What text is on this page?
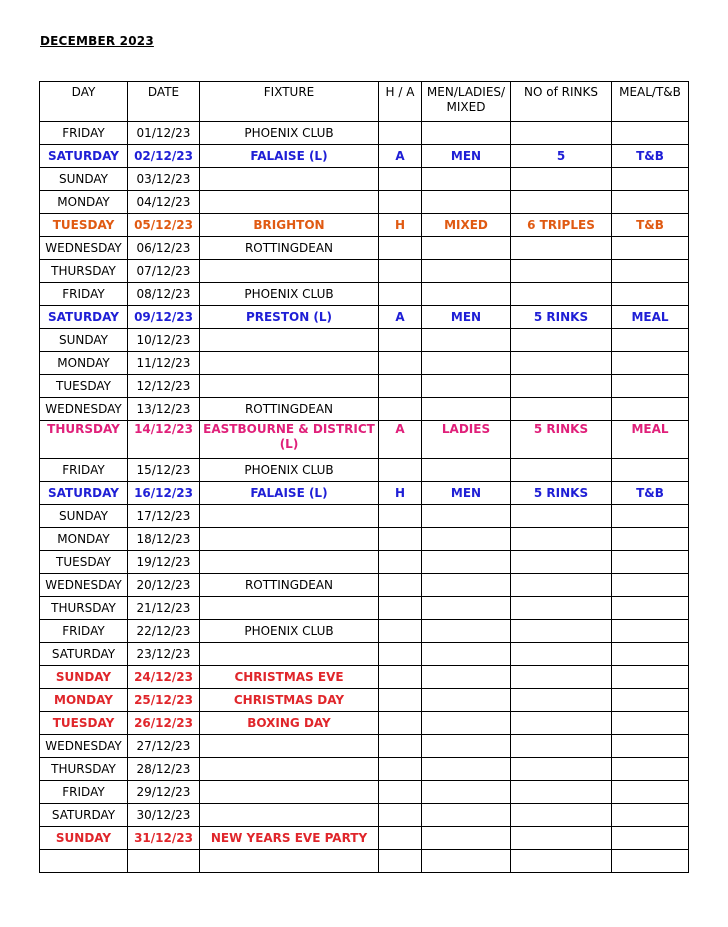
DECEMBER 2023
DAY	DATE	FIXTURE	H / A	MEN/LADIES/ MIXED	NO of RINKS	MEAL/T&B
FRIDAY	01/12/23	PHOENIX CLUB				
SATURDAY	02/12/23	FALAISE (L)	A	MEN	5	T&B
SUNDAY	03/12/23					
MONDAY	04/12/23					
TUESDAY	05/12/23	BRIGHTON	H	MIXED	6 TRIPLES	T&B
WEDNESDAY	06/12/23	ROTTINGDEAN				
THURSDAY	07/12/23					
FRIDAY	08/12/23	PHOENIX CLUB				
SATURDAY	09/12/23	PRESTON (L)	A	MEN	5 RINKS	MEAL
SUNDAY	10/12/23					
MONDAY	11/12/23					
TUESDAY	12/12/23					
WEDNESDAY	13/12/23	ROTTINGDEAN				
THURSDAY	14/12/23	EASTBOURNE & DISTRICT (L)	A	LADIES	5 RINKS	MEAL
FRIDAY	15/12/23	PHOENIX CLUB				
SATURDAY	16/12/23	FALAISE (L)	H	MEN	5 RINKS	T&B
SUNDAY	17/12/23					
MONDAY	18/12/23					
TUESDAY	19/12/23					
WEDNESDAY	20/12/23	ROTTINGDEAN				
THURSDAY	21/12/23					
FRIDAY	22/12/23	PHOENIX CLUB				
SATURDAY	23/12/23					
SUNDAY	24/12/23	CHRISTMAS EVE				
MONDAY	25/12/23	CHRISTMAS DAY				
TUESDAY	26/12/23	BOXING DAY				
WEDNESDAY	27/12/23					
THURSDAY	28/12/23					
FRIDAY	29/12/23					
SATURDAY	30/12/23					
SUNDAY	31/12/23	NEW YEARS EVE PARTY				
